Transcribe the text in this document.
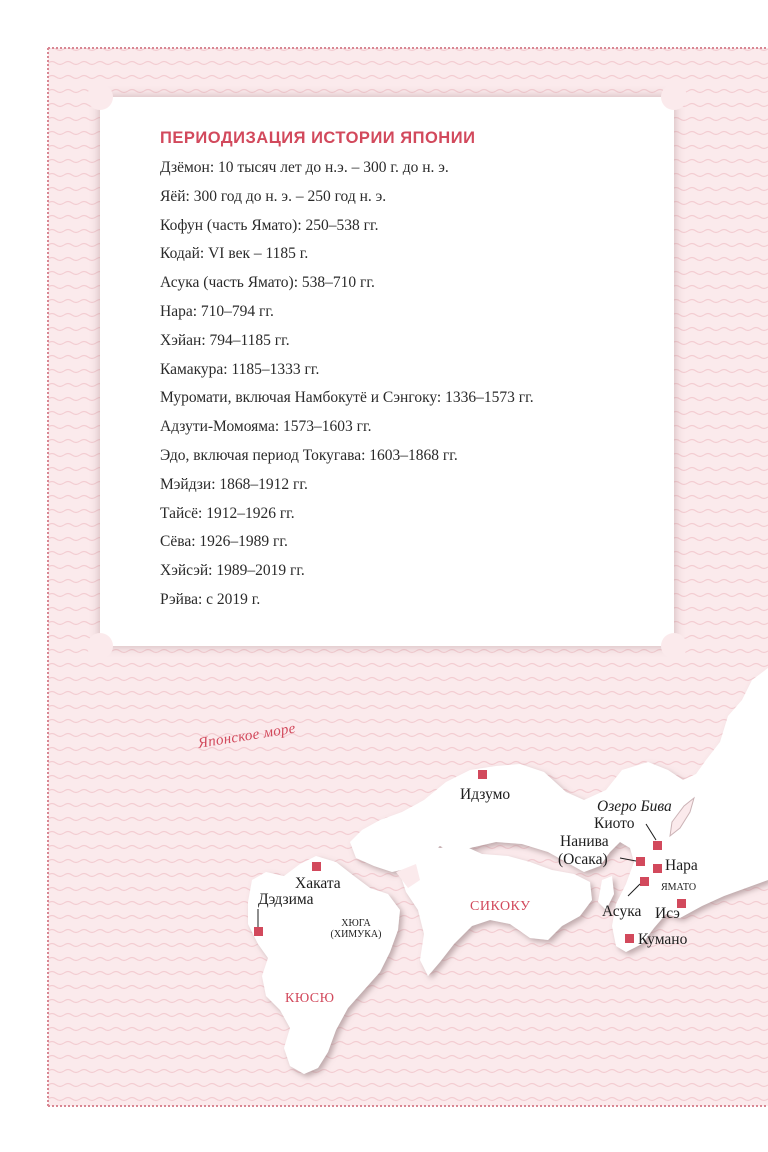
ПЕРИОДИЗАЦИЯ ИСТОРИИ ЯПОНИИ
Дзёмон: 10 тысяч лет до н.э. – 300 г. до н. э.
Яёй: 300 год до н. э. – 250 год н. э.
Кофун (часть Ямато): 250–538 гг.
Кодай: VI век – 1185 г.
Асука (часть Ямато): 538–710 гг.
Нара: 710–794 гг.
Хэйан: 794–1185 гг.
Камакура: 1185–1333 гг.
Муромати, включая Намбокутё и Сэнгоку: 1336–1573 гг.
Адзути-Момояма: 1573–1603 гг.
Эдо, включая период Токугава: 1603–1868 гг.
Мэйдзи: 1868–1912 гг.
Тайсё: 1912–1926 гг.
Сёва: 1926–1989 гг.
Хэйсэй: 1989–2019 гг.
Рэйва: с 2019 г.
Японское море
Идзумо
Озеро Бива
Киото
Нанива
(Осака)	Нара
ЯМАТО
Асука Исэ
Кумано
Хаката
Дэдзима
ХЮГА
(ХИМУКА)
СИКОКУ
КЮСЮ
